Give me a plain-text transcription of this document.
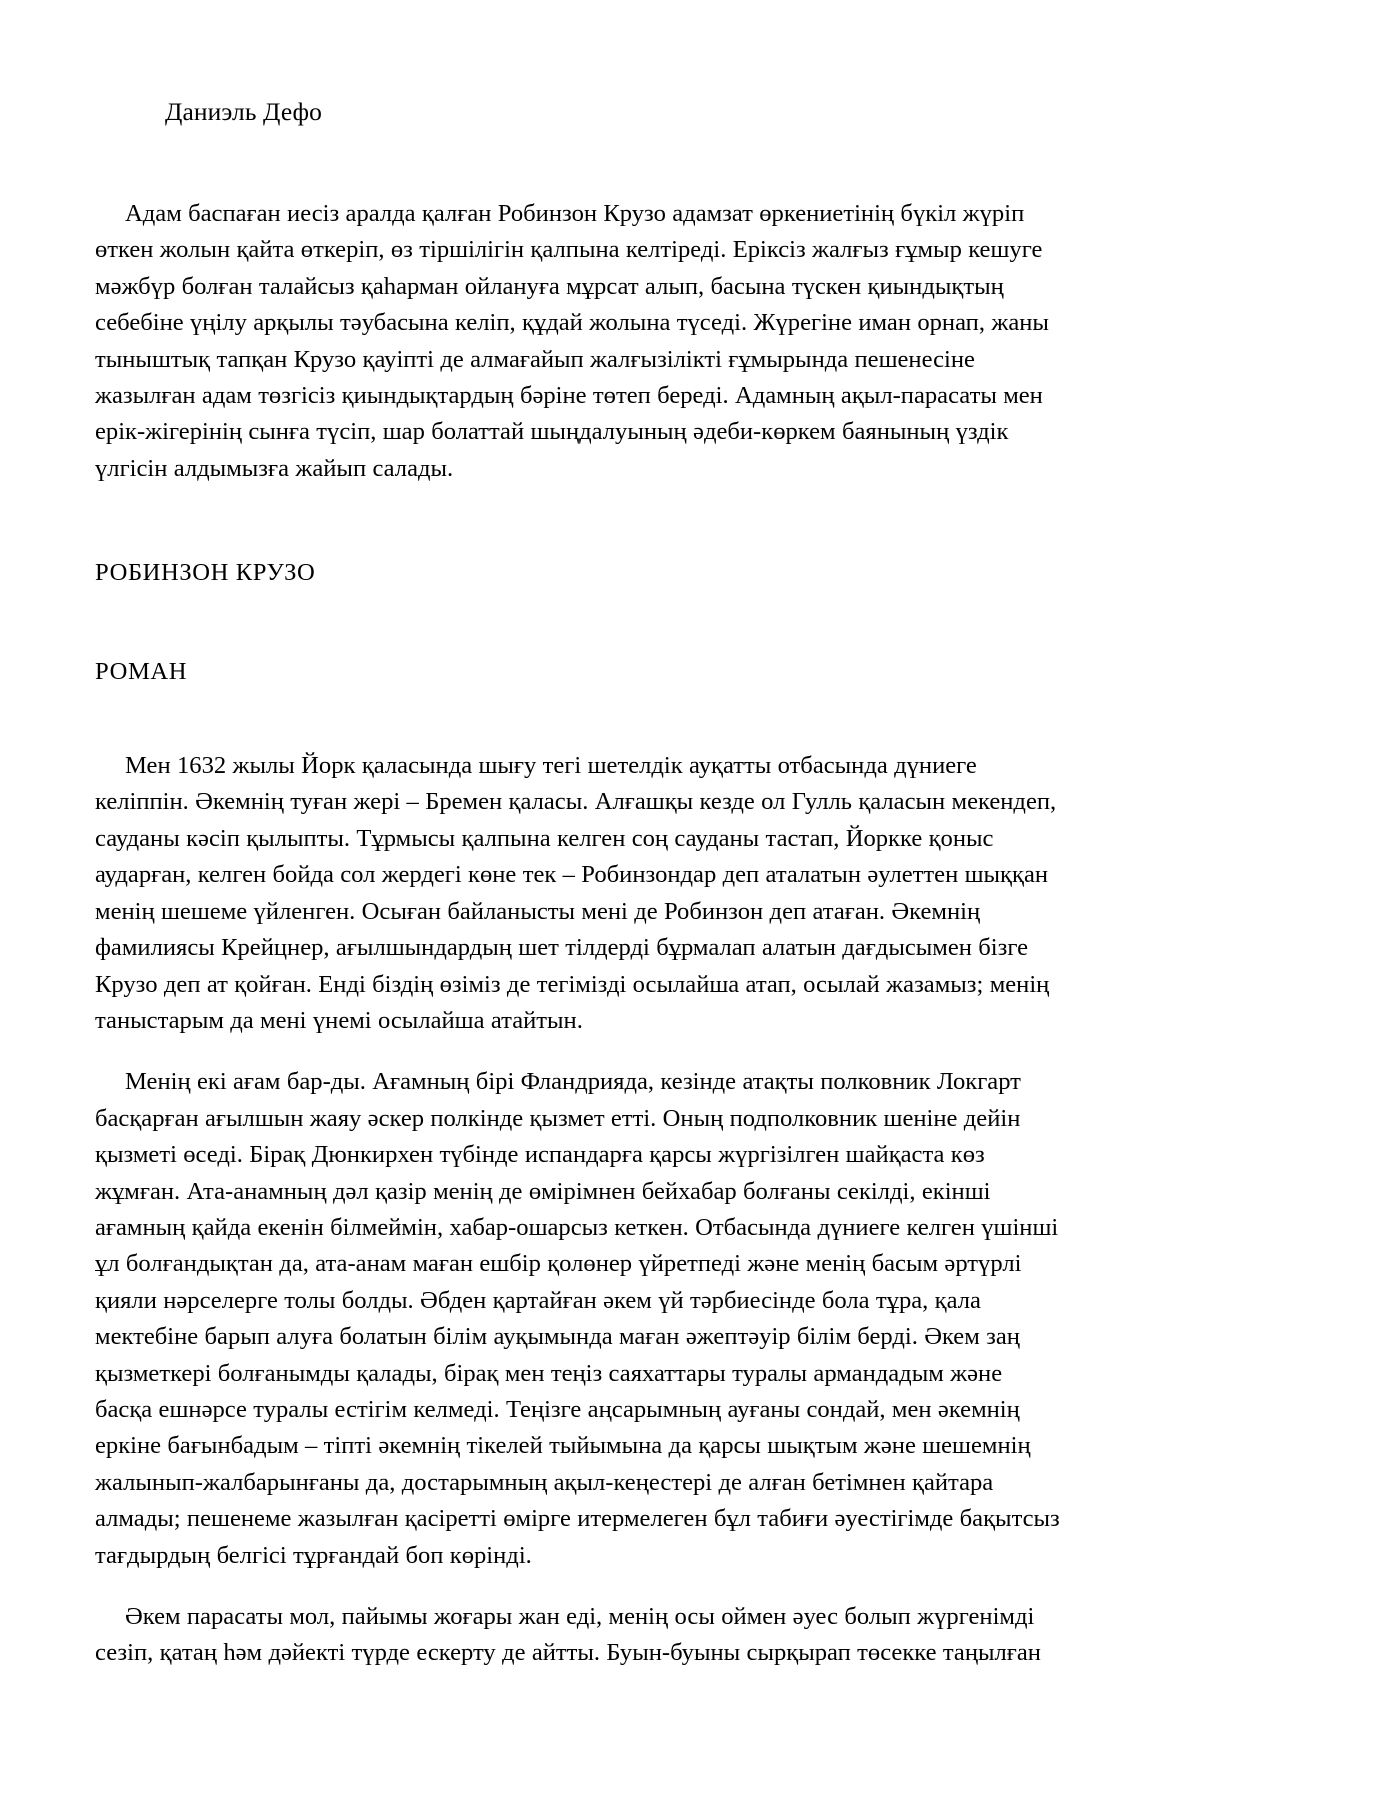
Даниэль Дефо

Адам баспаған иесіз аралда қалған Робинзон Крузо адамзат өркениетінің бүкіл жүріп өткен жолын қайта өткеріп, өз тіршілігін қалпына келтіреді. Еріксіз жалғыз ғұмыр кешуге мәжбүр болған талайсыз қаһарман ойлануға мұрсат алып, басына түскен қиындықтың себебіне үңілу арқылы тәубасына келіп, құдай жолына түседі. Жүрегіне иман орнап, жаны тыныштық тапқан Крузо қауіпті де алмағайып жалғызілікті ғұмырында пешенесіне жазылған адам төзгісіз қиындықтардың бәріне төтеп береді. Адамның ақыл-парасаты мен ерік-жігерінің сынға түсіп, шар болаттай шыңдалуының әдеби-көркем баянының үздік үлгісін алдымызға жайып салады.

РОБИНЗОН КРУЗО
РОМАН

Мен 1632 жылы Йорк қаласында шығу тегі шетелдік ауқатты отбасында дүниеге келіппін. Әкемнің туған жері – Бремен қаласы. Алғашқы кезде ол Гулль қаласын мекендеп, сауданы кәсіп қылыпты. Тұрмысы қалпына келген соң сауданы тастап, Йоркке қоныс аударған, келген бойда сол жердегі көне тек – Робинзондар деп аталатын әулеттен шыққан менің шешеме үйленген. Осыған байланысты мені де Робинзон деп атаған. Әкемнің фамилиясы Крейцнер, ағылшындардың шет тілдерді бұрмалап алатын дағдысымен бізге Крузо деп ат қойған. Енді біздің өзіміз де тегімізді осылайша атап, осылай жазамыз; менің таныстарым да мені үнемі осылайша атайтын.

Менің екі ағам бар-ды. Ағамның бірі Фландрияда, кезінде атақты полковник Локгарт басқарған ағылшын жаяу әскер полкінде қызмет етті. Оның подполковник шеніне дейін қызметі өседі. Бірақ Дюнкирхен түбінде испандарға қарсы жүргізілген шайқаста көз жұмған. Ата-анамның дәл қазір менің де өмірімнен бейхабар болғаны секілді, екінші ағамның қайда екенін білмеймін, хабар-ошарсыз кеткен. Отбасында дүниеге келген үшінші ұл болғандықтан да, ата-анам маған ешбір қолөнер үйретпеді және менің басым әртүрлі қияли нәрселерге толы болды. Әбден қартайған әкем үй тәрбиесінде бола тұра, қала мектебіне барып алуға болатын білім ауқымында маған әжептәуір білім берді. Әкем заң қызметкері болғанымды қалады, бірақ мен теңіз саяхаттары туралы армандадым және басқа ешнәрсе туралы естігім келмеді. Теңізге аңсарымның ауғаны сондай, мен әкемнің еркіне бағынбадым – тіпті әкемнің тікелей тыйымына да қарсы шықтым және шешемнің жалынып-жалбарынғаны да, достарымның ақыл-кеңестері де алған бетімнен қайтара алмады; пешенеме жазылған қасіретті өмірге итермелеген бұл табиғи әуестігімде бақытсыз тағдырдың белгісі тұрғандай боп көрінді.

Әкем парасаты мол, пайымы жоғары жан еді, менің осы оймен әуес болып жүргенімді сезіп, қатаң һәм дәйекті түрде ескерту де айтты. Буын-буыны сырқырап төсекке таңылған
